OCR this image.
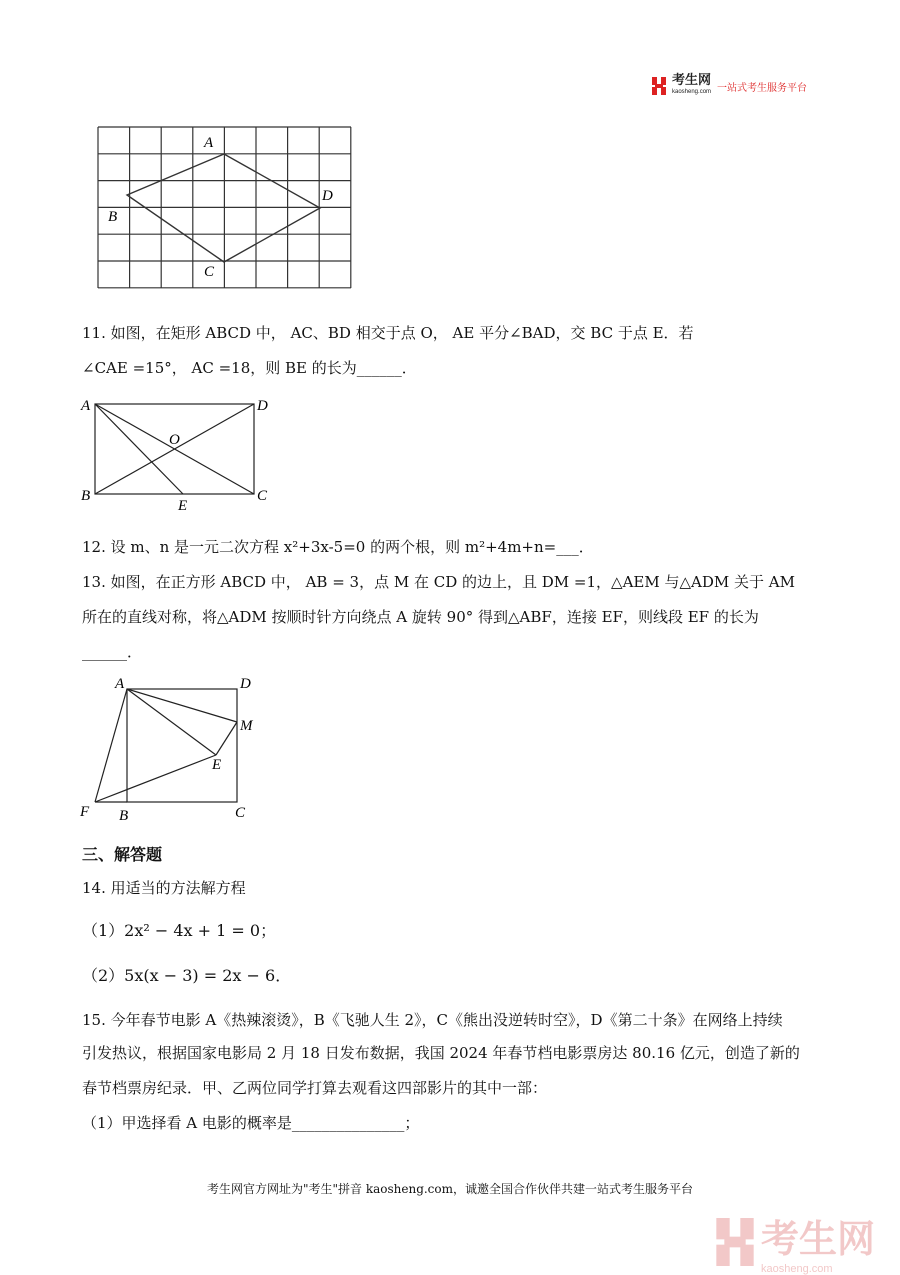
考生网
kaosheng.com 一站式考生服务平台
A
B
C
D
11. 如图，在矩形 ABCD 中， AC、BD 相交于点 O， AE 平分∠BAD，交 BC 于点 E．若
∠CAE =15°， AC =18，则 BE 的长为______．
A	D
O
B
E
C
12. 设 m、n 是一元二次方程 x²+3x-5=0 的两个根，则 m²+4m+n=___．
13. 如图，在正方形 ABCD 中， AB = 3，点 M 在 CD 的边上，且 DM =1，△AEM 与△ADM 关于 AM
所在的直线对称，将△ADM 按顺时针方向绕点 A 旋转 90° 得到△ABF，连接 EF，则线段 EF 的长为
______．
A	D
M
E
F B	C
三、解答题
14. 用适当的方法解方程
（1）2x² − 4x + 1 = 0；
（2）5x(x − 3) = 2x − 6．
15. 今年春节电影 A《热辣滚烫》，B《飞驰人生 2》，C《熊出没逆转时空》，D《第二十条》在网络上持续
引发热议，根据国家电影局 2 月 18 日发布数据，我国 2024 年春节档电影票房达 80.16 亿元，创造了新的
春节档票房纪录．甲、乙两位同学打算去观看这四部影片的其中一部：
（1）甲选择看 A 电影的概率是_______________；
考生网官方网址为"考生"拼音 kaosheng.com，诚邀全国合作伙伴共建一站式考生服务平台
考生网
kaosheng.com
